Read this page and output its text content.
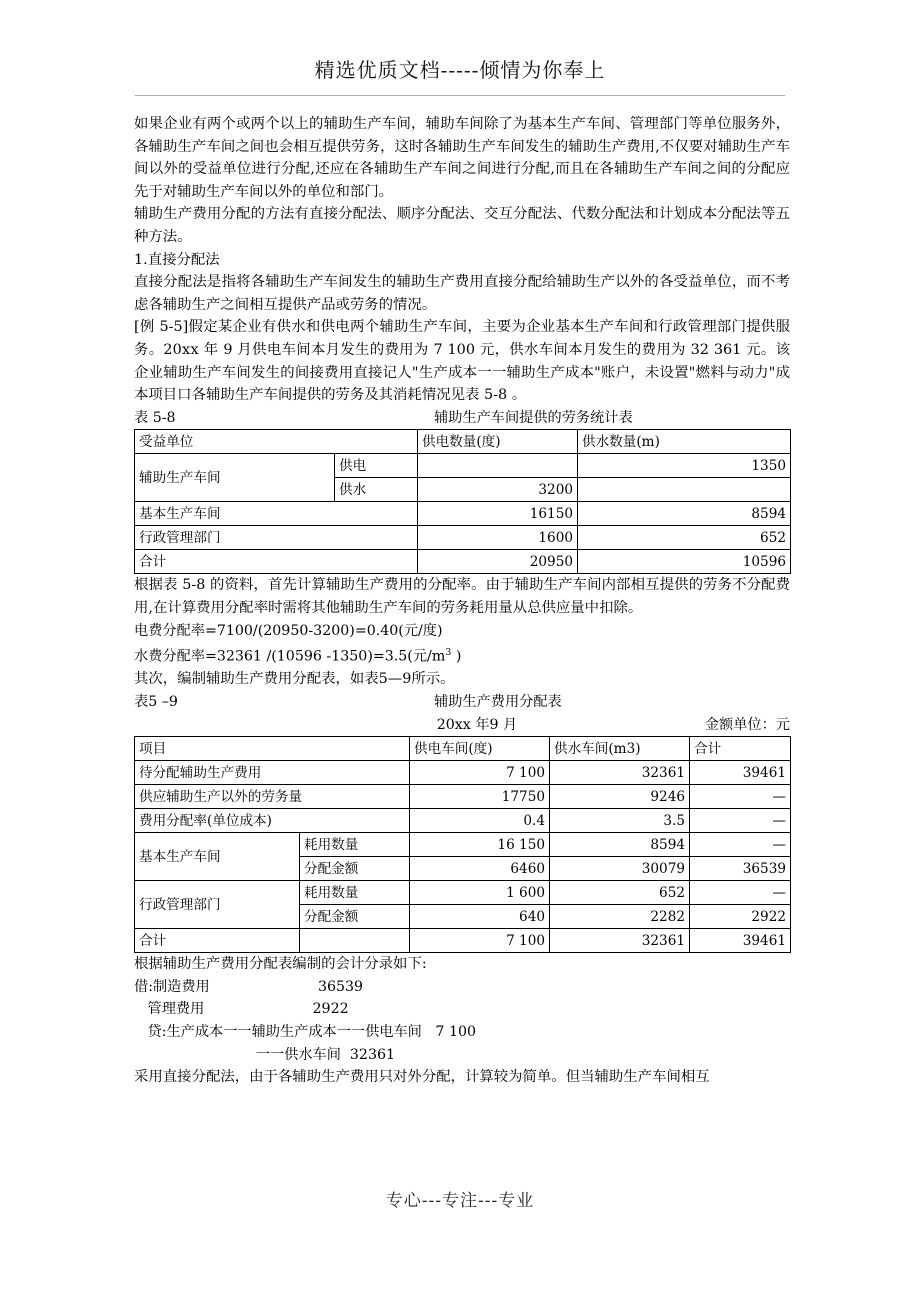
精选优质文档-----倾情为你奉上

如果企业有两个或两个以上的辅助生产车间，辅助车间除了为基本生产车间、管理部门等单位服务外，各辅助生产车间之间也会相互提供劳务，这时各辅助生产车间发生的辅助生产费用,不仅要对辅助生产车间以外的受益单位进行分配,还应在各辅助生产车间之间进行分配,而且在各辅助生产车间之间的分配应先于对辅助生产车间以外的单位和部门。

辅助生产费用分配的方法有直接分配法、顺序分配法、交互分配法、代数分配法和计划成本分配法等五种方法。

1.直接分配法

直接分配法是指将各辅助生产车间发生的辅助生产费用直接分配给辅助生产以外的各受益单位，而不考虑各辅助生产之间相互提供产品或劳务的情况。

[例 5-5]假定某企业有供水和供电两个辅助生产车间，主要为企业基本生产车间和行政管理部门提供服务。20ⅹⅹ 年 9 月供电车间本月发生的费用为 7 100 元，供水车间本月发生的费用为 32 361 元。该企业辅助生产车间发生的间接费用直接记人"生产成本一一辅助生产成本"账户，未设置"燃料与动力"成本项目口各辅助生产车间提供的劳务及其消耗情况见表 5-8 。

表 5-8	辅助生产车间提供的劳务统计表
受益单位		供电数量(度)	供水数量(m)
辅助生产车间	供电		1350
	供水	3200	
基本生产车间		16150	8594
行政管理部门		1600	652
合计		20950	10596

根据表 5-8 的资料，首先计算辅助生产费用的分配率。由于辅助生产车间内部相互提供的劳务不分配费用,在计算费用分配率时需将其他辅助生产车间的劳务耗用量从总供应量中扣除。

电费分配率=7100/(20950-3200)=0.40(元/度)

水费分配率=32361 /(10596 -1350)=3.5(元$/m^3$ )

其次，编制辅助生产费用分配表，如表5—9所示。

表5 –9	辅助生产费用分配表
20ⅹⅹ 年9 月	金额单位：元
项目		供电车间(度)	供水车间(m3)	合计
待分配辅助生产费用		7 100	32361	39461
供应辅助生产以外的劳务量		17750	9246	—
费用分配率(单位成本)		0.4	3.5	—
基本生产车间	耗用数量	16 150	8594	—
	分配金额	6460	30079	36539
行政管理部门	耗用数量	1 600	652	—
	分配金额	640	2282	2922
合计		7 100	32361	39461

根据辅助生产费用分配表编制的会计分录如下:

借:制造费用                        36539

管理费用                        2922

贷:生产成本一一辅助生产成本一一供电车间   7 100

一一供水车间  32361

采用直接分配法，由于各辅助生产费用只对外分配，计算较为简单。但当辅助生产车间相互

专心---专注---专业
